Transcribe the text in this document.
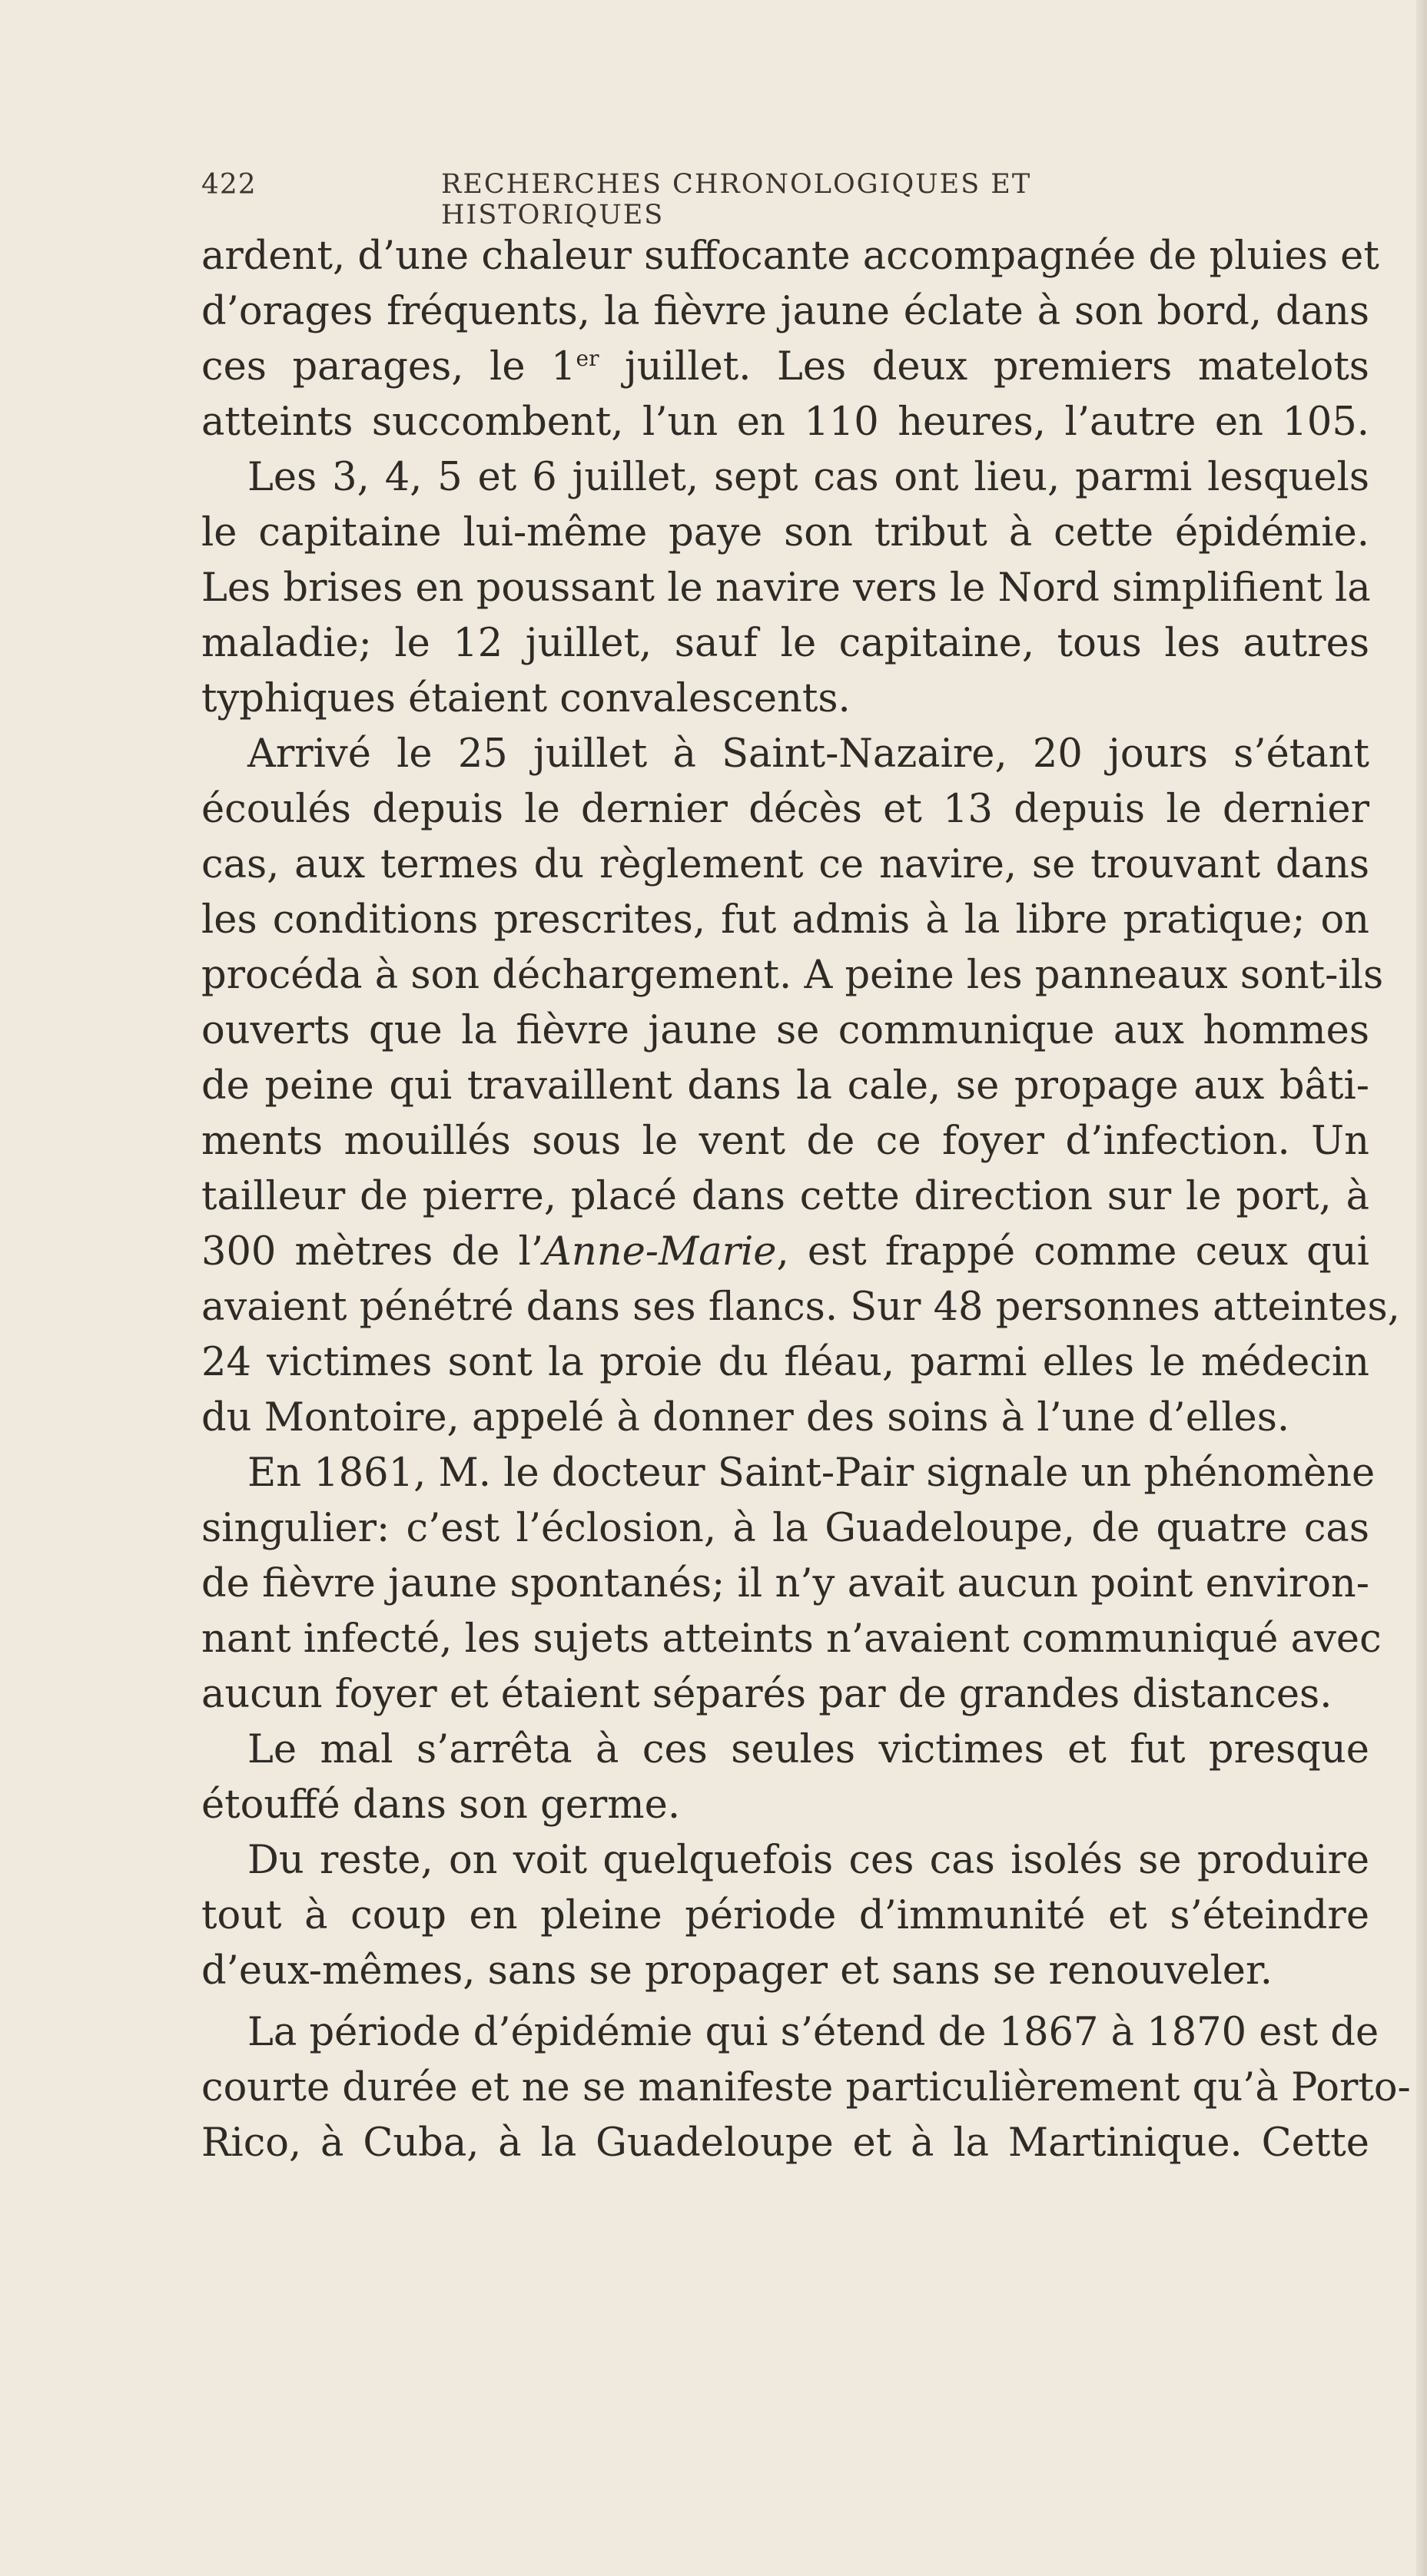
422	RECHERCHES CHRONOLOGIQUES ET HISTORIQUES
ardent, d’une chaleur suffocante accompagnée de pluies et
d’orages fréquents, la fièvre jaune éclate à son bord, dans
ces parages, le 1er juillet. Les deux premiers matelots
atteints succombent, l’un en 110 heures, l’autre en 105.
Les 3, 4, 5 et 6 juillet, sept cas ont lieu, parmi lesquels
le capitaine lui-même paye son tribut à cette épidémie.
Les brises en poussant le navire vers le Nord simplifient la
maladie; le 12 juillet, sauf le capitaine, tous les autres
typhiques étaient convalescents.
Arrivé le 25 juillet à Saint-Nazaire, 20 jours s’étant
écoulés depuis le dernier décès et 13 depuis le dernier
cas, aux termes du règlement ce navire, se trouvant dans
les conditions prescrites, fut admis à la libre pratique; on
procéda à son déchargement. A peine les panneaux sont-ils
ouverts que la fièvre jaune se communique aux hommes
de peine qui travaillent dans la cale, se propage aux bâti-
ments mouillés sous le vent de ce foyer d’infection. Un
tailleur de pierre, placé dans cette direction sur le port, à
300 mètres de l’Anne-Marie, est frappé comme ceux qui
avaient pénétré dans ses flancs. Sur 48 personnes atteintes,
24 victimes sont la proie du fléau, parmi elles le médecin
du Montoire, appelé à donner des soins à l’une d’elles.
En 1861, M. le docteur Saint-Pair signale un phénomène
singulier: c’est l’éclosion, à la Guadeloupe, de quatre cas
de fièvre jaune spontanés; il n’y avait aucun point environ-
nant infecté, les sujets atteints n’avaient communiqué avec
aucun foyer et étaient séparés par de grandes distances.
Le mal s’arrêta à ces seules victimes et fut presque
étouffé dans son germe.
Du reste, on voit quelquefois ces cas isolés se produire
tout à coup en pleine période d’immunité et s’éteindre
d’eux-mêmes, sans se propager et sans se renouveler.
La période d’épidémie qui s’étend de 1867 à 1870 est de
courte durée et ne se manifeste particulièrement qu’à Porto-
Rico, à Cuba, à la Guadeloupe et à la Martinique. Cette
